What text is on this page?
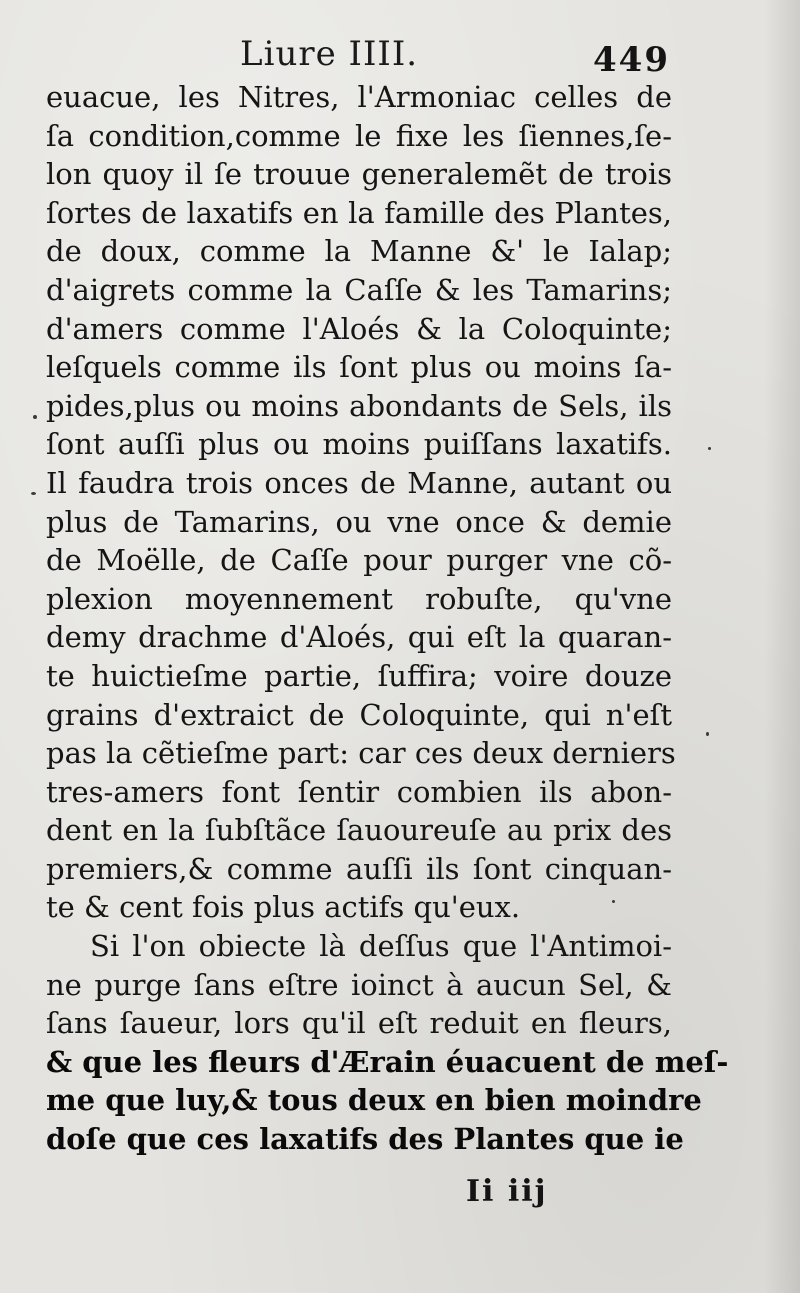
Liure IIII.	449
euacue, les Nitres, l'Armoniac celles de
ſa condition,comme le fixe les ſiennes,ſe-
lon quoy il ſe trouue generalemẽt de trois
ſortes de laxatifs en la famille des Plantes,
de doux, comme la Manne &' le Ialap;
d'aigrets comme la Caſſe & les Tamarins;
d'amers comme l'Aloés & la Coloquinte;
leſquels comme ils ſont plus ou moins ſa-
pides,plus ou moins abondants de Sels, ils
ſont auſſi plus ou moins puiſſans laxatifs.
Il faudra trois onces de Manne, autant ou
plus de Tamarins, ou vne once & demie
de Moëlle, de Caſſe pour purger vne cõ-
plexion moyennement robuſte, qu'vne
demy drachme d'Aloés, qui eſt la quaran-
te huictieſme partie, ſuffira; voire douze
grains d'extraict de Coloquinte, qui n'eſt
pas la cẽtieſme part: car ces deux derniers
tres-amers font ſentir combien ils abon-
dent en la ſubſtãce ſauoureuſe au prix des
premiers,& comme auſſi ils ſont cinquan-
te & cent fois plus actifs qu'eux.
Si l'on obiecte là deſſus que l'Antimoi-
ne purge ſans eſtre ioinct à aucun Sel, &
ſans ſaueur, lors qu'il eſt reduit en fleurs,
& que les fleurs d'Ærain éuacuent de meſ-
me que luy,& tous deux en bien moindre
doſe que ces laxatifs des Plantes que ie
Ii iij
